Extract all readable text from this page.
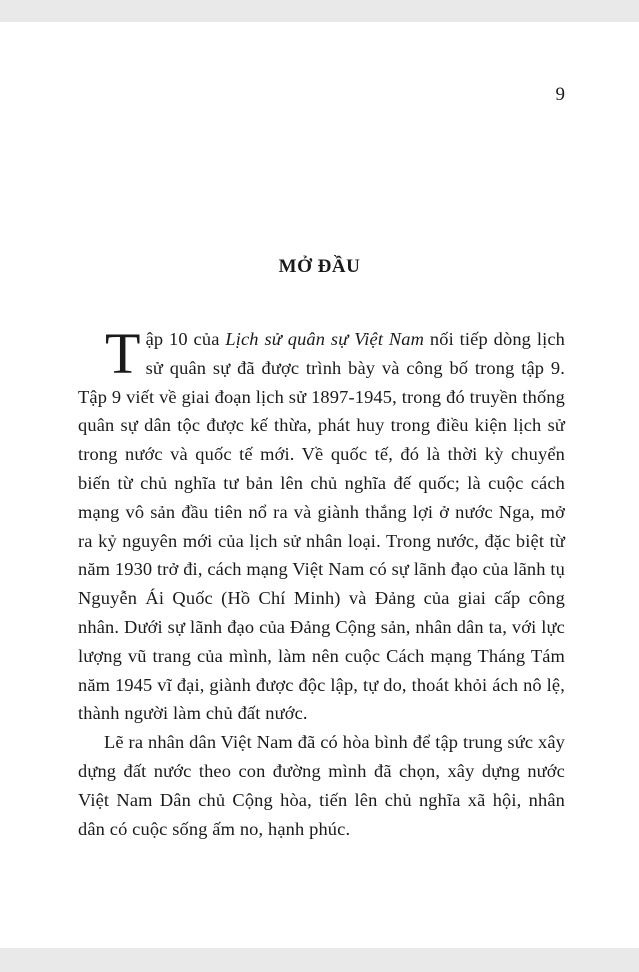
9
MỞ ĐẦU

Tập 10 của Lịch sử quân sự Việt Nam nối tiếp dòng lịch sử quân sự đã được trình bày và công bố trong tập 9. Tập 9 viết về giai đoạn lịch sử 1897-1945, trong đó truyền thống quân sự dân tộc được kế thừa, phát huy trong điều kiện lịch sử trong nước và quốc tế mới. Về quốc tế, đó là thời kỳ chuyển biến từ chủ nghĩa tư bản lên chủ nghĩa đế quốc; là cuộc cách mạng vô sản đầu tiên nổ ra và giành thắng lợi ở nước Nga, mở ra kỷ nguyên mới của lịch sử nhân loại. Trong nước, đặc biệt từ năm 1930 trở đi, cách mạng Việt Nam có sự lãnh đạo của lãnh tụ Nguyễn Ái Quốc (Hồ Chí Minh) và Đảng của giai cấp công nhân. Dưới sự lãnh đạo của Đảng Cộng sản, nhân dân ta, với lực lượng vũ trang của mình, làm nên cuộc Cách mạng Tháng Tám năm 1945 vĩ đại, giành được độc lập, tự do, thoát khỏi ách nô lệ, thành người làm chủ đất nước.

Lẽ ra nhân dân Việt Nam đã có hòa bình để tập trung sức xây dựng đất nước theo con đường mình đã chọn, xây dựng nước Việt Nam Dân chủ Cộng hòa, tiến lên chủ nghĩa xã hội, nhân dân có cuộc sống ấm no, hạnh phúc.
